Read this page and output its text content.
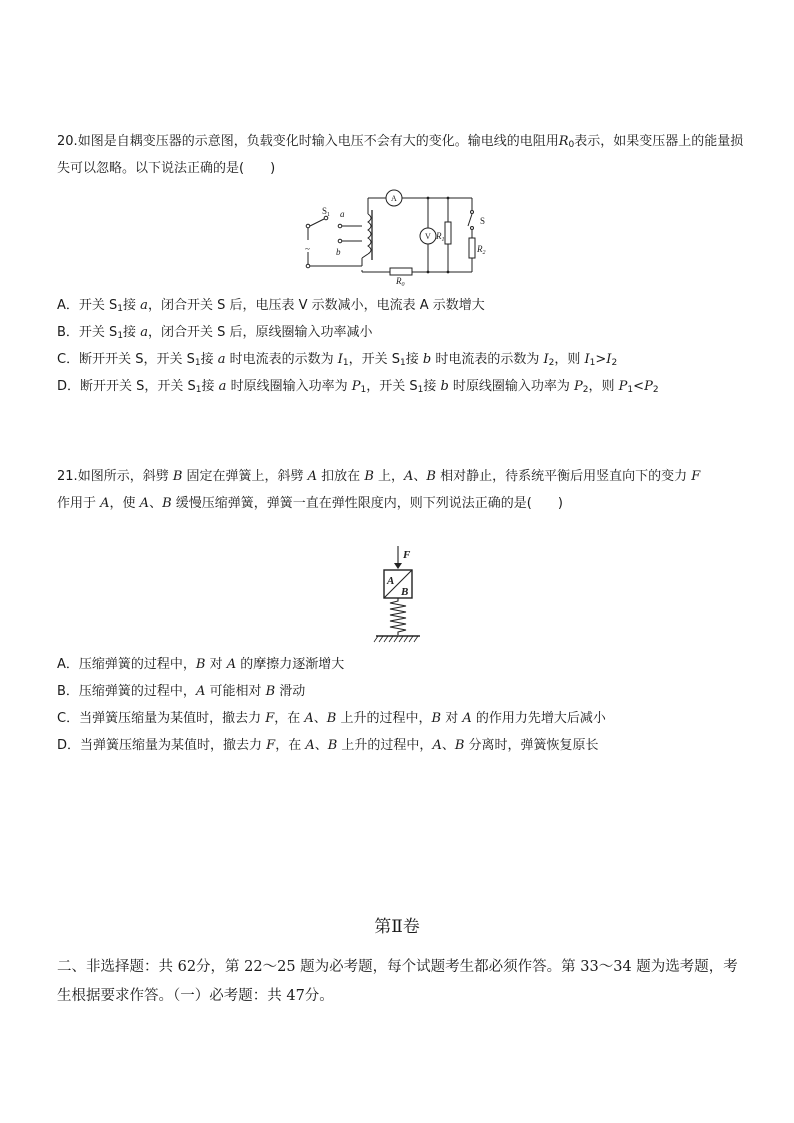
20.如图是自耦变压器的示意图，负载变化时输入电压不会有大的变化。输电线的电阻用$R_0$表示，如果变压器上的能量损失可以忽略。以下说法正确的是(　　)

~
$S_1$ a
b
A
V $R_1$
S
$R_2$
$R_0$
A．开关 $S_1$接 a，闭合开关 S 后，电压表 V 示数减小，电流表 A 示数增大
B．开关 $S_1$接 a，闭合开关 S 后，原线圈输入功率减小
C．断开开关 S，开关 $S_1$接 a 时电流表的示数为 $I_1$，开关 $S_1$接 b 时电流表的示数为 $I_2$，则 $I_1>I_2$
D．断开开关 S，开关 $S_1$接 a 时原线圈输入功率为 $P_1$，开关 $S_1$接 b 时原线圈输入功率为 $P_2$，则 $P_1<P_2$

21.如图所示，斜劈 B 固定在弹簧上，斜劈 A 扣放在 B 上，A、B 相对静止，待系统平衡后用竖直向下的变力 F

作用于 A，使 A、B 缓慢压缩弹簧，弹簧一直在弹性限度内，则下列说法正确的是(　　)

F
A
B
A．压缩弹簧的过程中，B 对 A 的摩擦力逐渐增大
B．压缩弹簧的过程中，A 可能相对 B 滑动
C．当弹簧压缩量为某值时，撤去力 F，在 A、B 上升的过程中，B 对 A 的作用力先增大后减小
D．当弹簧压缩量为某值时，撤去力 F，在 A、B 上升的过程中，A、B 分离时，弹簧恢复原长
第Ⅱ卷
二、非选择题：共 62分，第 22～25 题为必考题，每个试题考生都必须作答。第 33～34 题为选考题，考生根据要求作答。（一）必考题：共 47分。
